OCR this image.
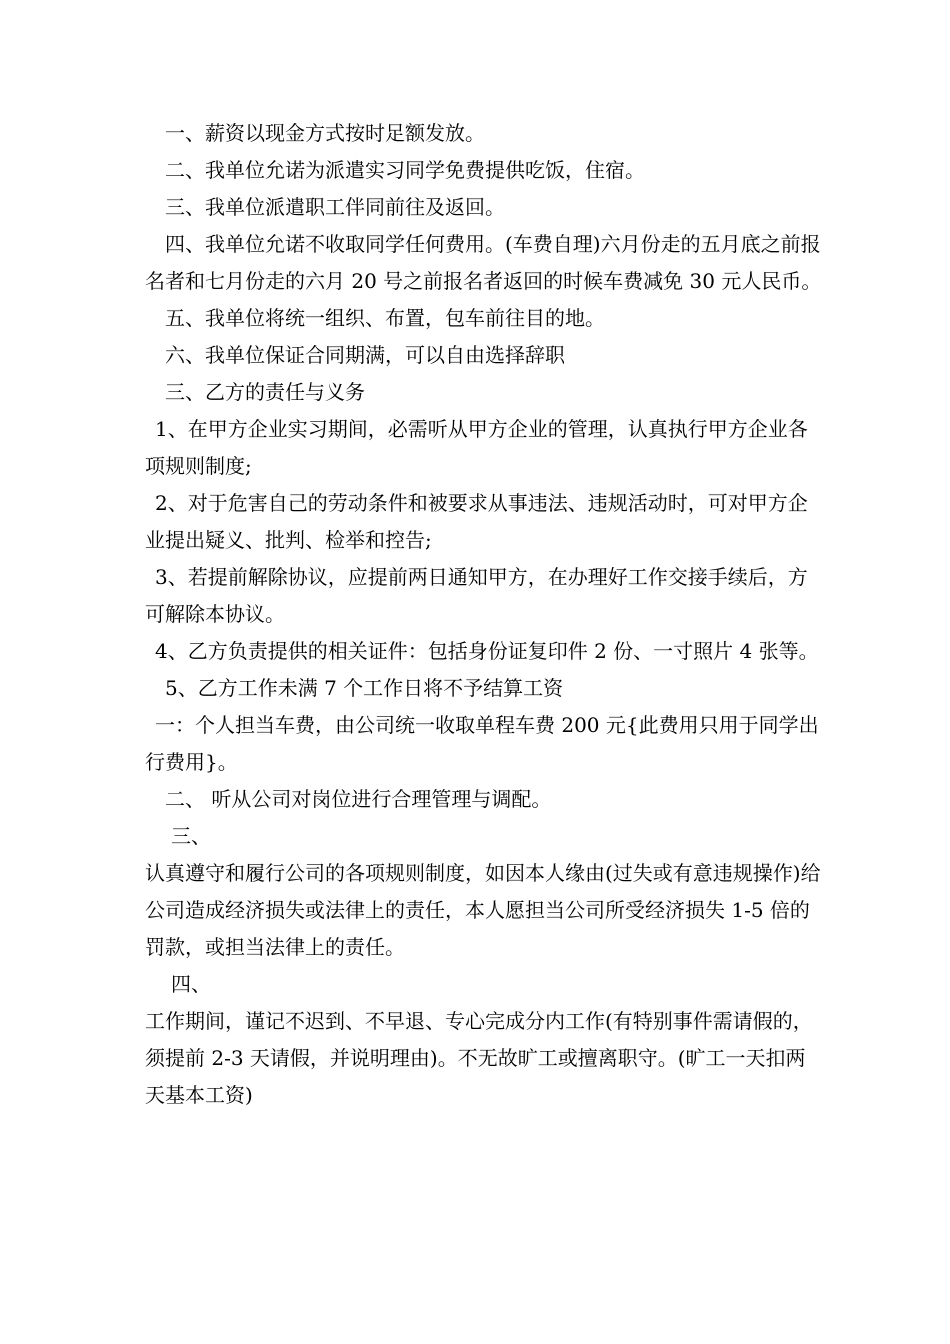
一、薪资以现金方式按时足额发放。

二、我单位允诺为派遣实习同学免费提供吃饭，住宿。

三、我单位派遣职工伴同前往及返回。

四、我单位允诺不收取同学任何费用。(车费自理)六月份走的五月底之前报名者和七月份走的六月 20 号之前报名者返回的时候车费减免 30 元人民币。

五、我单位将统一组织、布置，包车前往目的地。

六、我单位保证合同期满，可以自由选择辞职

三、乙方的责任与义务

1、在甲方企业实习期间，必需听从甲方企业的管理，认真执行甲方企业各项规则制度;

2、对于危害自己的劳动条件和被要求从事违法、违规活动时，可对甲方企业提出疑义、批判、检举和控告;

3、若提前解除协议，应提前两日通知甲方，在办理好工作交接手续后，方可解除本协议。

4、乙方负责提供的相关证件：包括身份证复印件 2 份、一寸照片 4 张等。

5、乙方工作未满 7 个工作日将不予结算工资

一：个人担当车费，由公司统一收取单程车费 200 元{此费用只用于同学出行费用}。

二、 听从公司对岗位进行合理管理与调配。

三、

认真遵守和履行公司的各项规则制度，如因本人缘由(过失或有意违规操作)给公司造成经济损失或法律上的责任，本人愿担当公司所受经济损失 1-5 倍的罚款，或担当法律上的责任。

四、

工作期间，谨记不迟到、不早退、专心完成分内工作(有特别事件需请假的，须提前 2-3 天请假，并说明理由)。不无故旷工或擅离职守。(旷工一天扣两天基本工资)
